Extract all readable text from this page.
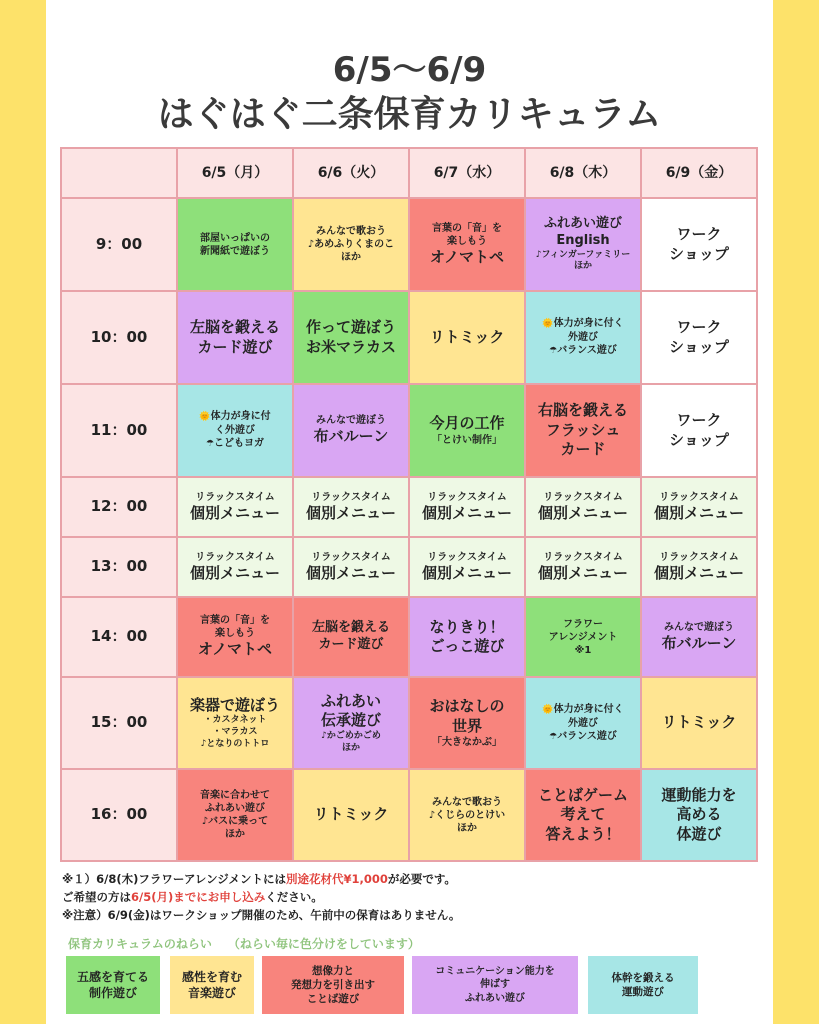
6/5〜6/9
はぐはぐ二条保育カリキュラム
	6/5（月）	6/6（火）	6/7（水）	6/8（木）	6/9（金）
9：00	部屋いっぱいの
新聞紙で遊ぼう	みんなで歌おう
♪あめふりくまのこ
ほか	言葉の「音」を
楽しもう
オノマトペ	ふれあい遊び
English
♪フィンガーファミリー
ほか	ワーク
ショップ

10：00	左脳を鍛える
カード遊び	作って遊ぼう
お米マラカス	リトミック	🌞体力が身に付く
外遊び
☂バランス遊び	ワーク
ショップ

11：00	🌞体力が身に付
く外遊び
☂こどもヨガ	みんなで遊ぼう
布バルーン	今月の工作
「とけい制作」	右脳を鍛える
フラッシュ
カード	ワーク
ショップ

12：00	リラックスタイム
個別メニュー	リラックスタイム
個別メニュー	リラックスタイム
個別メニュー	リラックスタイム
個別メニュー	リラックスタイム
個別メニュー

13：00	リラックスタイム
個別メニュー	リラックスタイム
個別メニュー	リラックスタイム
個別メニュー	リラックスタイム
個別メニュー	リラックスタイム
個別メニュー

14：00	言葉の「音」を
楽しもう
オノマトペ	左脳を鍛える
カード遊び	なりきり！
ごっこ遊び	フラワー
アレンジメント
※1	みんなで遊ぼう
布バルーン

15：00	楽器で遊ぼう
・カスタネット
・マラカス
♪となりのトトロ	ふれあい
伝承遊び
♪かごめかごめ
ほか	おはなしの
世界
「大きなかぶ」	🌞体力が身に付く
外遊び
☂バランス遊び	リトミック

16：00	音楽に合わせて
ふれあい遊び
♪バスに乗って
ほか	リトミック	みんなで歌おう
♪くじらのとけい
ほか	ことばゲーム
考えて
答えよう！	運動能力を
高める
体遊び
※１）6/8(木)フラワーアレンジメントには別途花材代¥1,000が必要です。
ご希望の方は6/5(月)までにお申し込みください。
※注意）6/9(金)はワークショップ開催のため、午前中の保育はありません。
保育カリキュラムのねらい （ねらい毎に色分けをしています）
五感を育てる
制作遊び
感性を育む
音楽遊び
想像力と
発想力を引き出す
ことば遊び
コミュニケーション能力を
伸ばす
ふれあい遊び
体幹を鍛える
運動遊び
